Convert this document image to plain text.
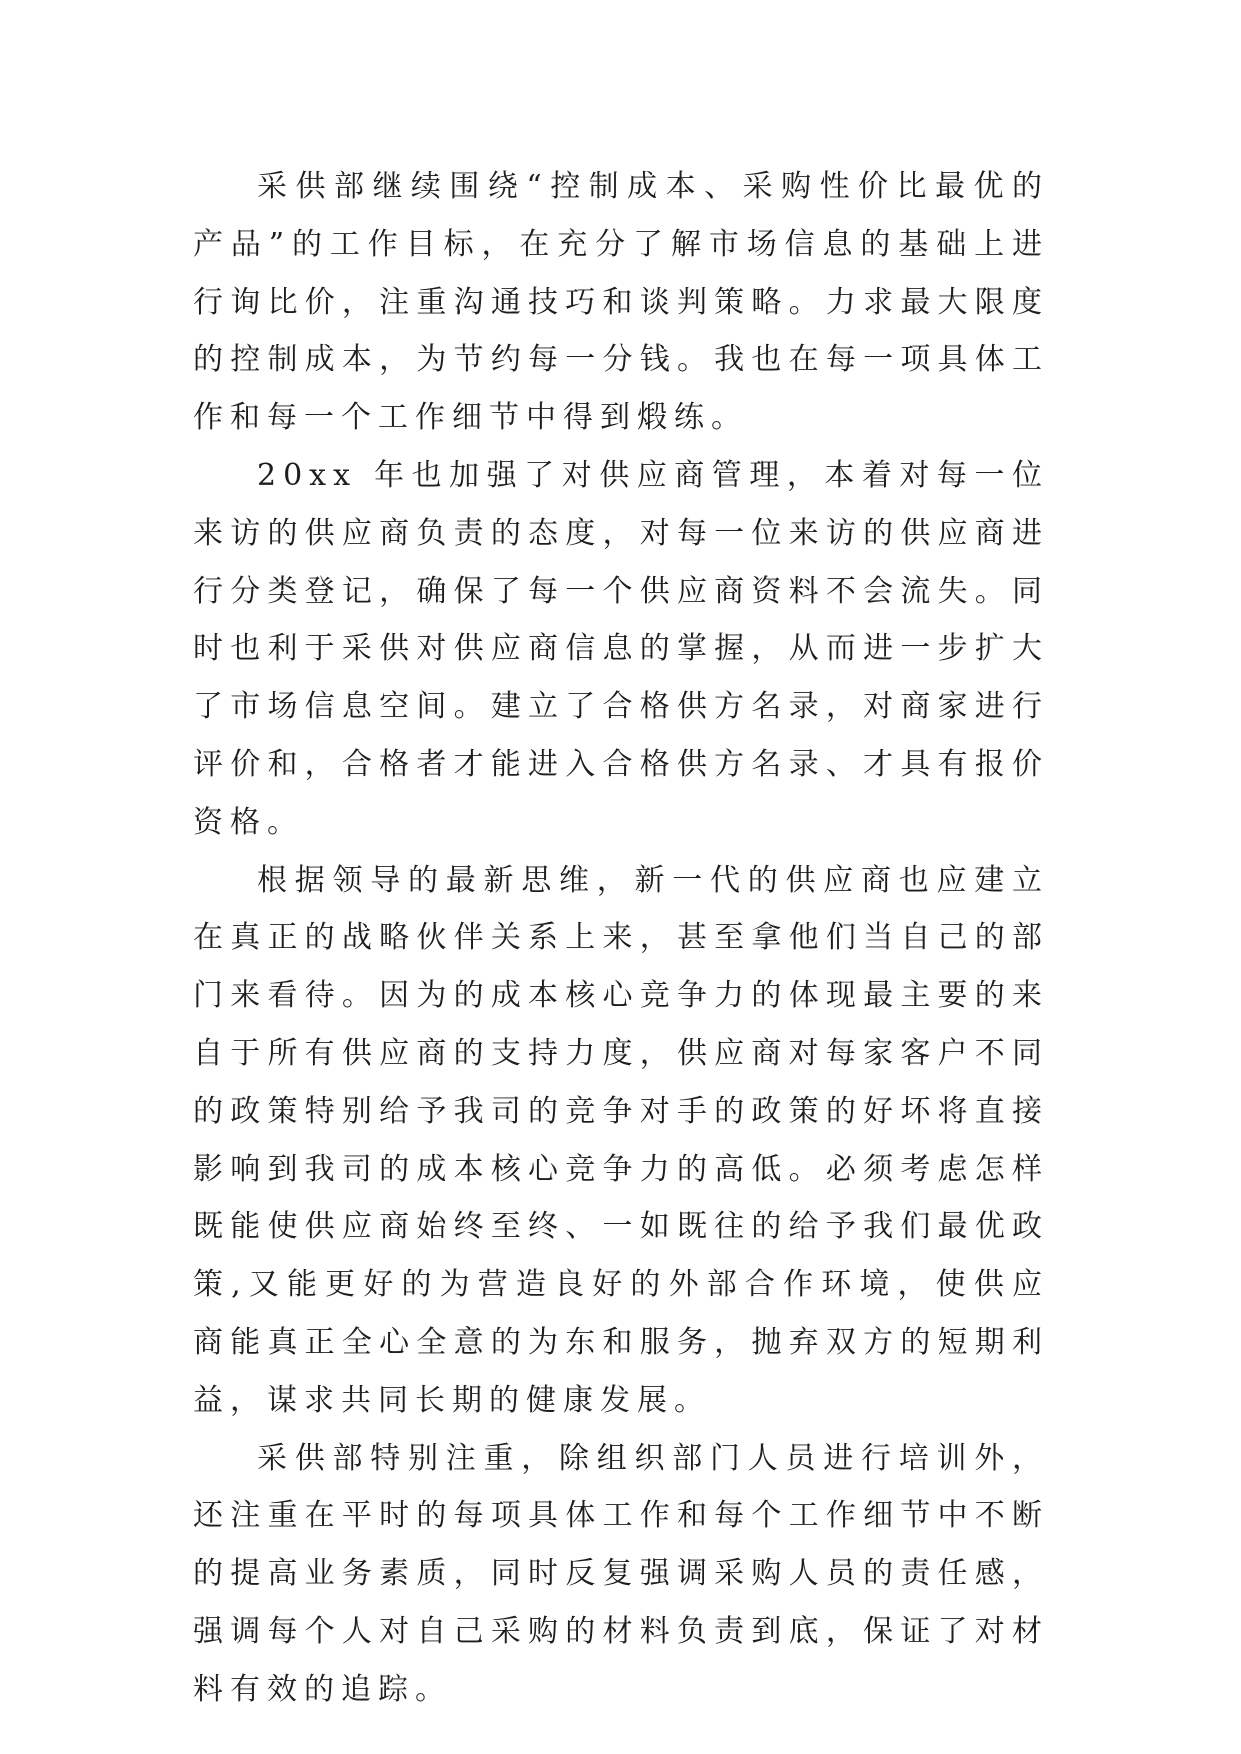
采供部继续围绕“控制成本、采购性价比最优的产品”的工作目标，在充分了解市场信息的基础上进行询比价，注重沟通技巧和谈判策略。力求最大限度的控制成本，为节约每一分钱。我也在每一项具体工作和每一个工作细节中得到煅练。

20xx 年也加强了对供应商管理，本着对每一位来访的供应商负责的态度，对每一位来访的供应商进行分类登记，确保了每一个供应商资料不会流失。同时也利于采供对供应商信息的掌握，从而进一步扩大了市场信息空间。建立了合格供方名录，对商家进行评价和，合格者才能进入合格供方名录、才具有报价资格。

根据领导的最新思维，新一代的供应商也应建立在真正的战略伙伴关系上来，甚至拿他们当自己的部门来看待。因为的成本核心竞争力的体现最主要的来自于所有供应商的支持力度，供应商对每家客户不同的政策特别给予我司的竞争对手的政策的好坏将直接影响到我司的成本核心竞争力的高低。必须考虑怎样既能使供应商始终至终、一如既往的给予我们最优政策,又能更好的为营造良好的外部合作环境，使供应商能真正全心全意的为东和服务，抛弃双方的短期利益，谋求共同长期的健康发展。

采供部特别注重，除组织部门人员进行培训外，还注重在平时的每项具体工作和每个工作细节中不断的提高业务素质，同时反复强调采购人员的责任感，强调每个人对自己采购的材料负责到底，保证了对材料有效的追踪。
